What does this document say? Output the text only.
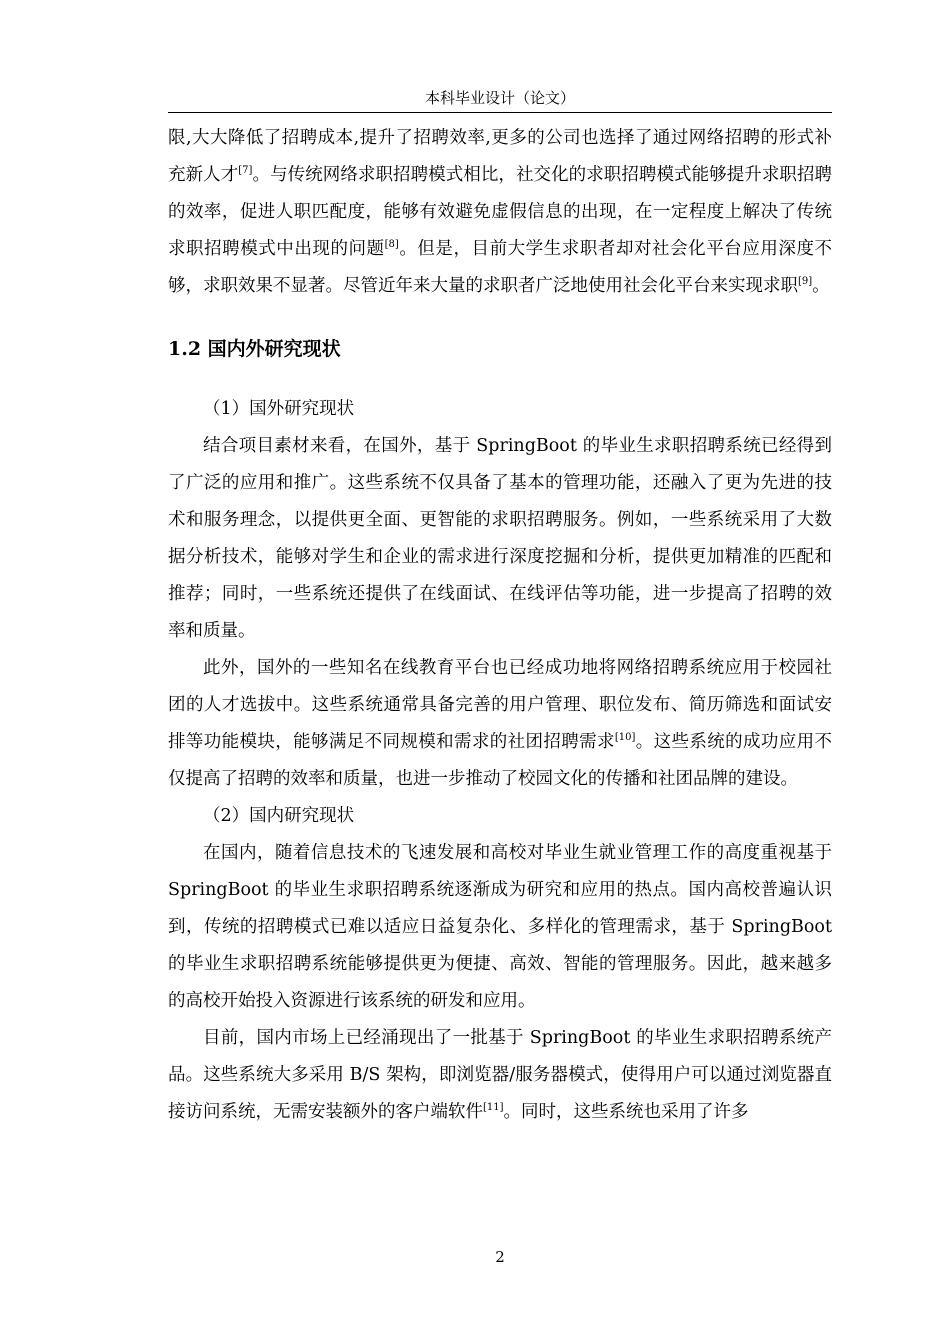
本科毕业设计（论文）

限,大大降低了招聘成本,提升了招聘效率,更多的公司也选择了通过网络招聘的形式补充新人才[7]。与传统网络求职招聘模式相比，社交化的求职招聘模式能够提升求职招聘的效率，促进人职匹配度，能够有效避免虚假信息的出现，在一定程度上解决了传统求职招聘模式中出现的问题[8]。但是，目前大学生求职者却对社会化平台应用深度不够，求职效果不显著。尽管近年来大量的求职者广泛地使用社会化平台来实现求职[9]。

1.2 国内外研究现状

（1）国外研究现状

结合项目素材来看，在国外，基于 SpringBoot 的毕业生求职招聘系统已经得到了广泛的应用和推广。这些系统不仅具备了基本的管理功能，还融入了更为先进的技术和服务理念，以提供更全面、更智能的求职招聘服务。例如，一些系统采用了大数据分析技术，能够对学生和企业的需求进行深度挖掘和分析，提供更加精准的匹配和推荐；同时，一些系统还提供了在线面试、在线评估等功能，进一步提高了招聘的效率和质量。

此外，国外的一些知名在线教育平台也已经成功地将网络招聘系统应用于校园社团的人才选拔中。这些系统通常具备完善的用户管理、职位发布、简历筛选和面试安排等功能模块，能够满足不同规模和需求的社团招聘需求[10]。这些系统的成功应用不仅提高了招聘的效率和质量，也进一步推动了校园文化的传播和社团品牌的建设。

（2）国内研究现状

在国内，随着信息技术的飞速发展和高校对毕业生就业管理工作的高度重视基于 SpringBoot 的毕业生求职招聘系统逐渐成为研究和应用的热点。国内高校普遍认识到，传统的招聘模式已难以适应日益复杂化、多样化的管理需求，基于 SpringBoot 的毕业生求职招聘系统能够提供更为便捷、高效、智能的管理服务。因此，越来越多的高校开始投入资源进行该系统的研发和应用。

目前，国内市场上已经涌现出了一批基于 SpringBoot 的毕业生求职招聘系统产品。这些系统大多采用 B/S 架构，即浏览器/服务器模式，使得用户可以通过浏览器直接访问系统，无需安装额外的客户端软件[11]。同时，这些系统也采用了许多

2
